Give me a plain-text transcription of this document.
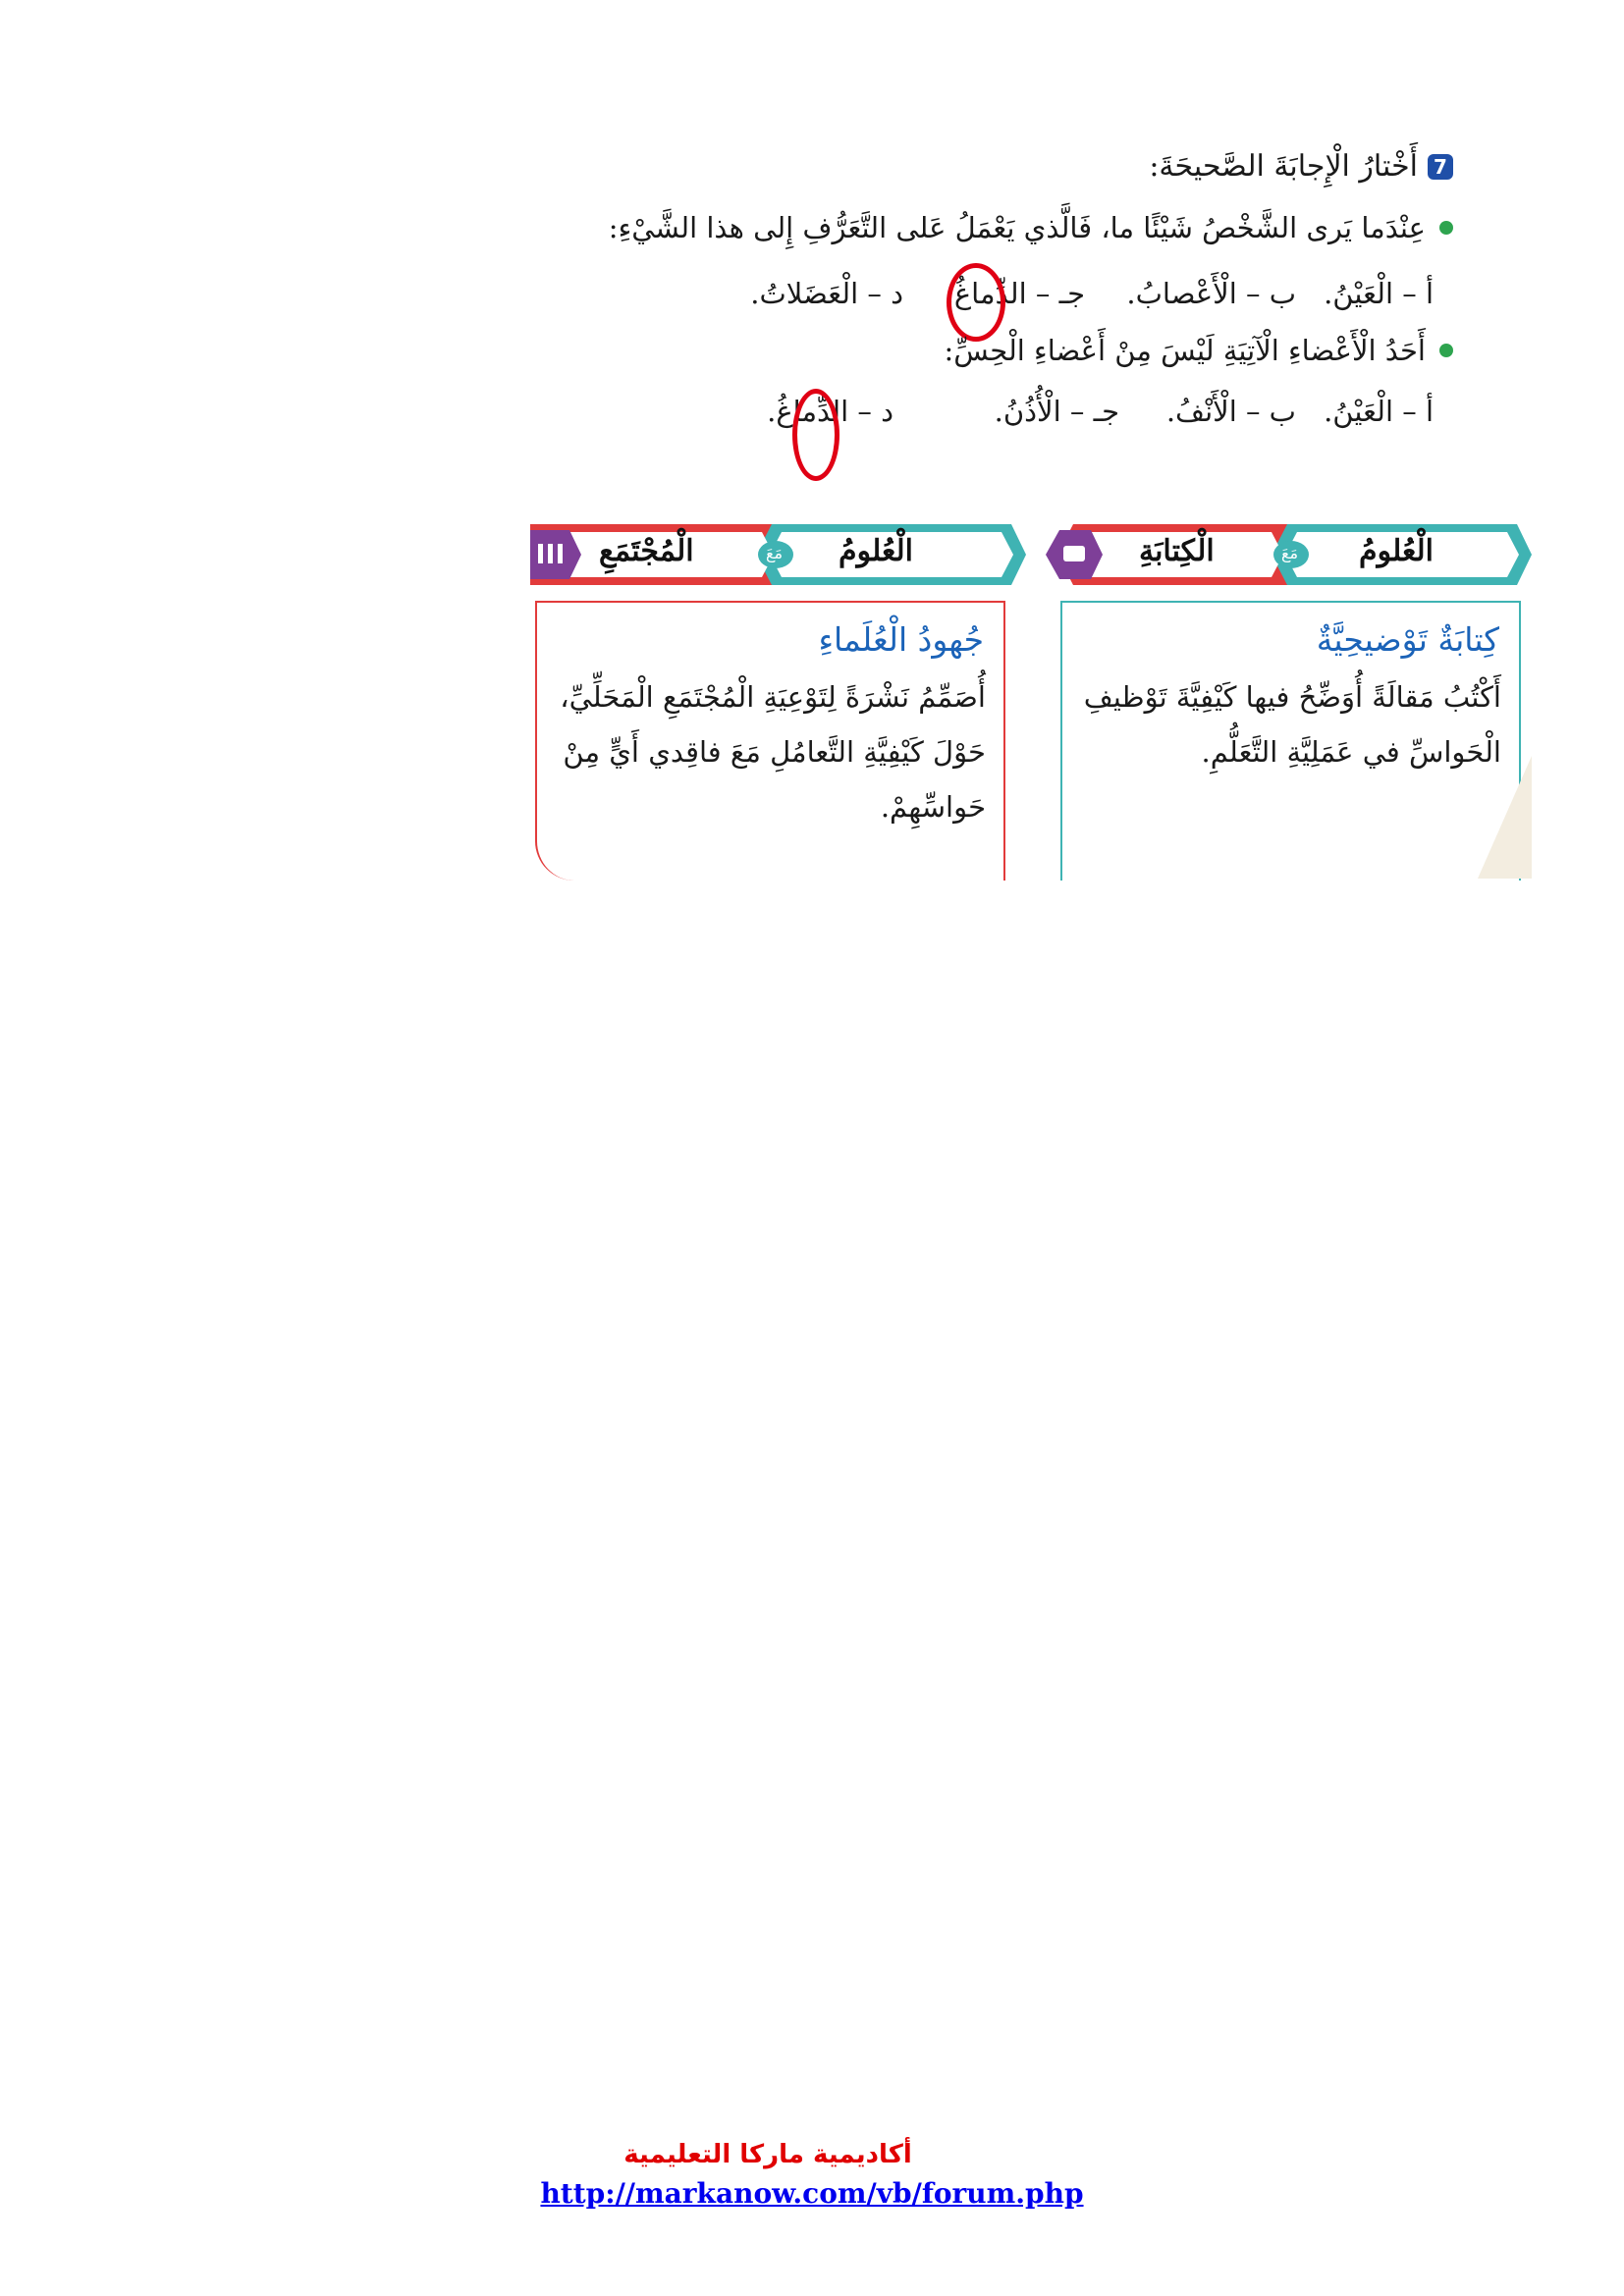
7
أَخْتارُ الْإِجابَةَ الصَّحيحَةَ:
عِنْدَما يَرى الشَّخْصُ شَيْئًا ما، فَالَّذي يَعْمَلُ عَلى التَّعَرُّفِ إِلى هذا الشَّيْءِ:
أ – الْعَيْنُ.
ب – الْأَعْصابُ.
جـ – الدِّماغُ.
د – الْعَضَلاتُ.
أَحَدُ الْأَعْضاءِ الْآتِيَةِ لَيْسَ مِنْ أَعْضاءِ الْحِسِّ:
أ – الْعَيْنُ.
ب – الْأَنْفُ.
جـ – الْأُذُنُ.
د – الدِّماغُ.
الْعُلومُ
مَعَ
الْكِتابَةِ
كِتابَةٌ تَوْضيحِيَّةٌ
أَكْتُبُ مَقالَةً أُوَضِّحُ فيها كَيْفِيَّةَ تَوْظيفِ
الْحَواسِّ في عَمَلِيَّةِ التَّعَلُّمِ.
الْعُلومُ
مَعَ
الْمُجْتَمَعِ
جُهودُ الْعُلَماءِ
أُصَمِّمُ نَشْرَةً لِتَوْعِيَةِ الْمُجْتَمَعِ الْمَحَلِّيِّ،
حَوْلَ كَيْفِيَّةِ التَّعامُلِ مَعَ فاقِدي أَيٍّ مِنْ
حَواسِّهِمْ.
أكاديمية ماركا التعليمية
http://markanow.com/vb/forum.php
